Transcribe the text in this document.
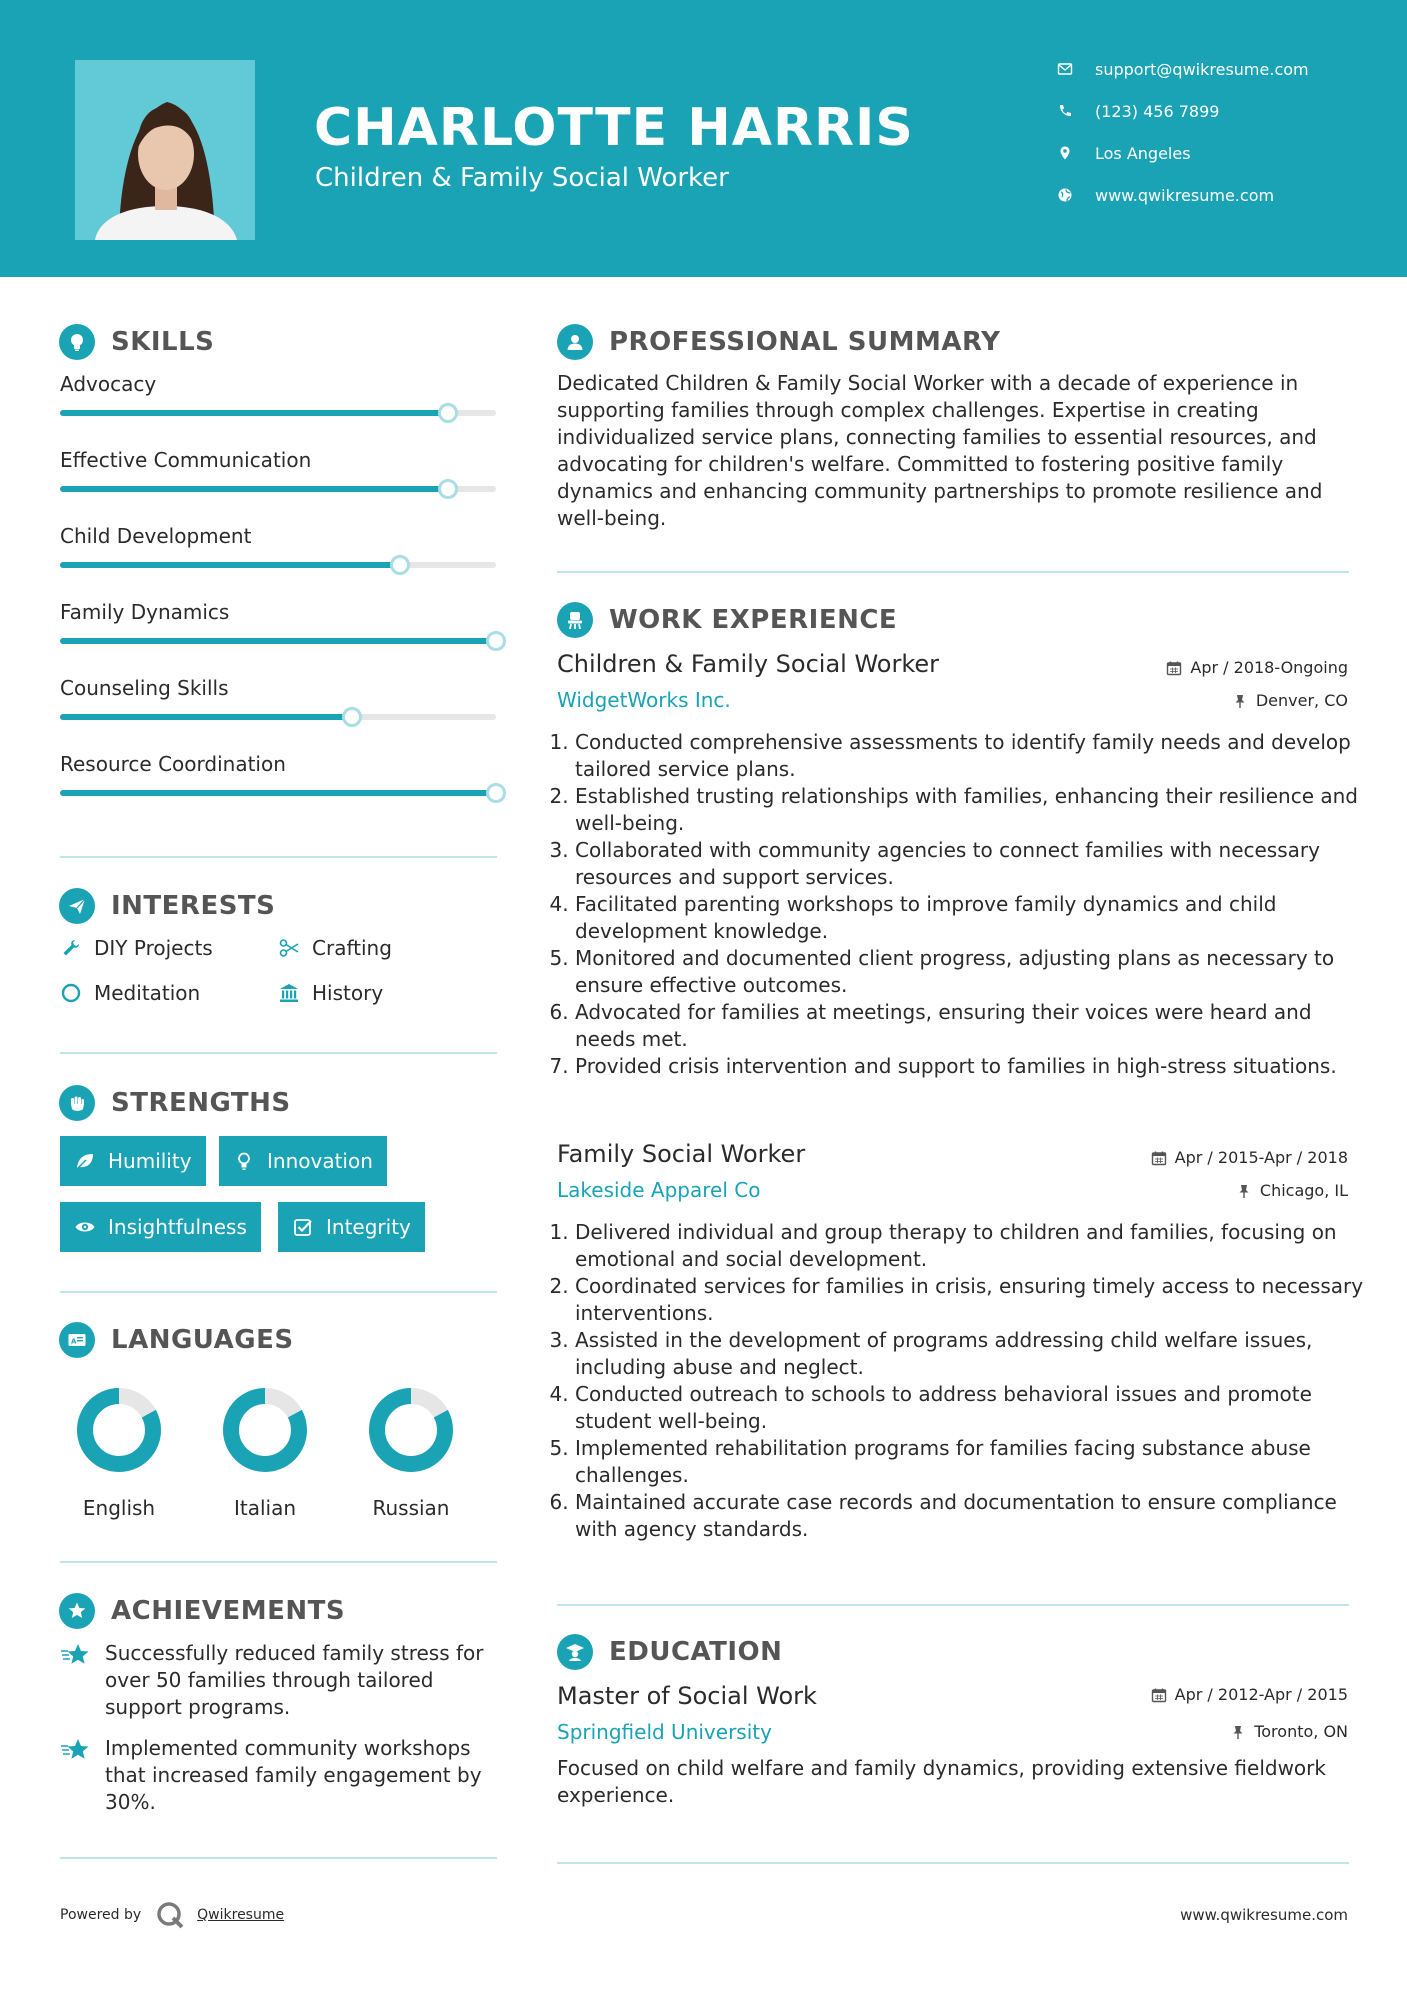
CHARLOTTE HARRIS
Children & Family Social Worker
support@qwikresume.com
(123) 456 7899
Los Angeles
www.qwikresume.com
SKILLS
Advocacy
Effective Communication
Child Development
Family Dynamics
Counseling Skills
Resource Coordination
INTERESTS
DIY Projects	Crafting
Meditation	History
STRENGTHS
Humility	Innovation
Insightfulness	Integrity
A LANGUAGES
English	Italian	Russian
ACHIEVEMENTS
Successfully reduced family stress for over 50 families through tailored support programs.
Implemented community workshops that increased family engagement by 30%.
PROFESSIONAL SUMMARY
Dedicated Children & Family Social Worker with a decade of experience in supporting families through complex challenges. Expertise in creating individualized service plans, connecting families to essential resources, and advocating for children's welfare. Committed to fostering positive family dynamics and enhancing community partnerships to promote resilience and well-being.
WORK EXPERIENCE
Children & Family Social Worker	Apr / 2018-Ongoing
WidgetWorks Inc.	Denver, CO
1. Conducted comprehensive assessments to identify family needs and develop tailored service plans.
2. Established trusting relationships with families, enhancing their resilience and well-being.
3. Collaborated with community agencies to connect families with necessary resources and support services.
4. Facilitated parenting workshops to improve family dynamics and child development knowledge.
5. Monitored and documented client progress, adjusting plans as necessary to ensure effective outcomes.
6. Advocated for families at meetings, ensuring their voices were heard and needs met.
7. Provided crisis intervention and support to families in high-stress situations.
Family Social Worker	Apr / 2015-Apr / 2018
Lakeside Apparel Co	Chicago, IL
1. Delivered individual and group therapy to children and families, focusing on emotional and social development.
2. Coordinated services for families in crisis, ensuring timely access to necessary interventions.
3. Assisted in the development of programs addressing child welfare issues, including abuse and neglect.
4. Conducted outreach to schools to address behavioral issues and promote student well-being.
5. Implemented rehabilitation programs for families facing substance abuse challenges.
6. Maintained accurate case records and documentation to ensure compliance with agency standards.
EDUCATION
Master of Social Work	Apr / 2012-Apr / 2015
Springfield University	Toronto, ON
Focused on child welfare and family dynamics, providing extensive fieldwork experience.
Powered by	Qwikresume	www.qwikresume.com
